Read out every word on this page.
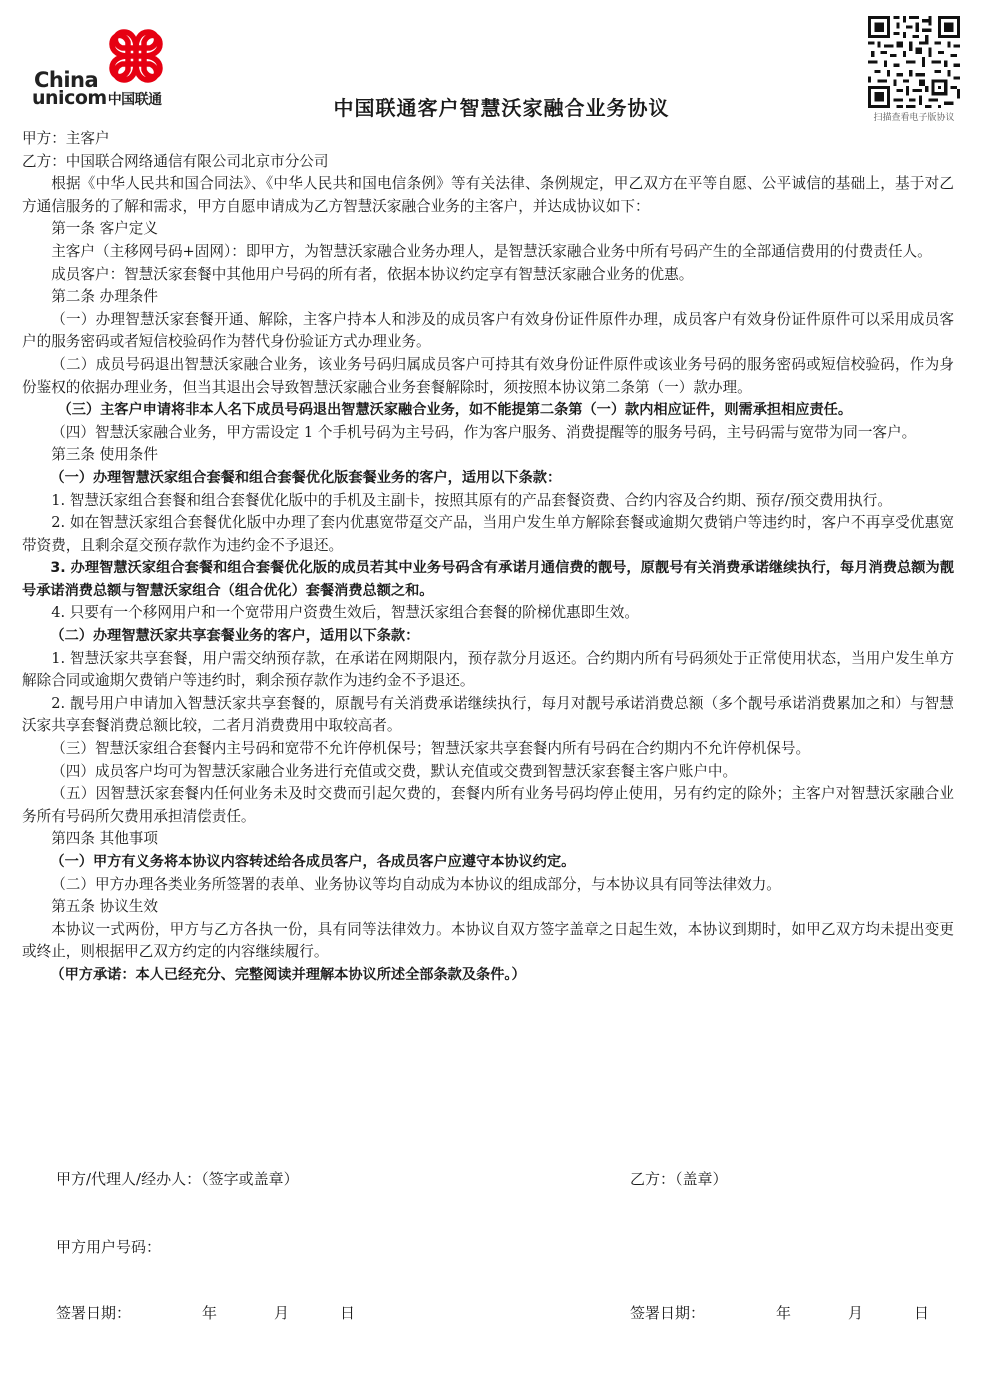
China
unicom中国联通
扫描查看电子版协议
中国联通客户智慧沃家融合业务协议

甲方：主客户

乙方：中国联合网络通信有限公司北京市分公司

根据《中华人民共和国合同法》、《中华人民共和国电信条例》等有关法律、条例规定，甲乙双方在平等自愿、公平诚信的基础上，基于对乙方通信服务的了解和需求，甲方自愿申请成为乙方智慧沃家融合业务的主客户，并达成协议如下：

第一条 客户定义

主客户（主移网号码+固网）：即甲方，为智慧沃家融合业务办理人，是智慧沃家融合业务中所有号码产生的全部通信费用的付费责任人。

成员客户：智慧沃家套餐中其他用户号码的所有者，依据本协议约定享有智慧沃家融合业务的优惠。

第二条 办理条件

（一）办理智慧沃家套餐开通、解除，主客户持本人和涉及的成员客户有效身份证件原件办理，成员客户有效身份证件原件可以采用成员客户的服务密码或者短信校验码作为替代身份验证方式办理业务。

（二）成员号码退出智慧沃家融合业务，该业务号码归属成员客户可持其有效身份证件原件或该业务号码的服务密码或短信校验码，作为身份鉴权的依据办理业务，但当其退出会导致智慧沃家融合业务套餐解除时，须按照本协议第二条第（一）款办理。

（三）主客户申请将非本人名下成员号码退出智慧沃家融合业务，如不能提第二条第（一）款内相应证件，则需承担相应责任。

（四）智慧沃家融合业务，甲方需设定 1 个手机号码为主号码，作为客户服务、消费提醒等的服务号码，主号码需与宽带为同一客户。

第三条 使用条件

（一）办理智慧沃家组合套餐和组合套餐优化版套餐业务的客户，适用以下条款：

1. 智慧沃家组合套餐和组合套餐优化版中的手机及主副卡，按照其原有的产品套餐资费、合约内容及合约期、预存/预交费用执行。

2. 如在智慧沃家组合套餐优化版中办理了套内优惠宽带趸交产品，当用户发生单方解除套餐或逾期欠费销户等违约时，客户不再享受优惠宽带资费，且剩余趸交预存款作为违约金不予退还。

3. 办理智慧沃家组合套餐和组合套餐优化版的成员若其中业务号码含有承诺月通信费的靓号，原靓号有关消费承诺继续执行，每月消费总额为靓号承诺消费总额与智慧沃家组合（组合优化）套餐消费总额之和。

4. 只要有一个移网用户和一个宽带用户资费生效后，智慧沃家组合套餐的阶梯优惠即生效。

（二）办理智慧沃家共享套餐业务的客户，适用以下条款：

1. 智慧沃家共享套餐，用户需交纳预存款，在承诺在网期限内，预存款分月返还。合约期内所有号码须处于正常使用状态，当用户发生单方解除合同或逾期欠费销户等违约时，剩余预存款作为违约金不予退还。

2. 靓号用户申请加入智慧沃家共享套餐的，原靓号有关消费承诺继续执行，每月对靓号承诺消费总额（多个靓号承诺消费累加之和）与智慧沃家共享套餐消费总额比较，二者月消费费用中取较高者。

（三）智慧沃家组合套餐内主号码和宽带不允许停机保号；智慧沃家共享套餐内所有号码在合约期内不允许停机保号。

（四）成员客户均可为智慧沃家融合业务进行充值或交费，默认充值或交费到智慧沃家套餐主客户账户中。

（五）因智慧沃家套餐内任何业务未及时交费而引起欠费的，套餐内所有业务号码均停止使用，另有约定的除外；主客户对智慧沃家融合业务所有号码所欠费用承担清偿责任。

第四条 其他事项

（一）甲方有义务将本协议内容转述给各成员客户，各成员客户应遵守本协议约定。

（二）甲方办理各类业务所签署的表单、业务协议等均自动成为本协议的组成部分，与本协议具有同等法律效力。

第五条 协议生效

本协议一式两份，甲方与乙方各执一份，具有同等法律效力。本协议自双方签字盖章之日起生效，本协议到期时，如甲乙双方均未提出变更或终止，则根据甲乙双方约定的内容继续履行。

（甲方承诺：本人已经充分、完整阅读并理解本协议所述全部条款及条件。）

甲方/代理人/经办人：（签字或盖章）	乙方：（盖章）
甲方用户号码：
签署日期：	年	月	日	签署日期：	年	月	日
